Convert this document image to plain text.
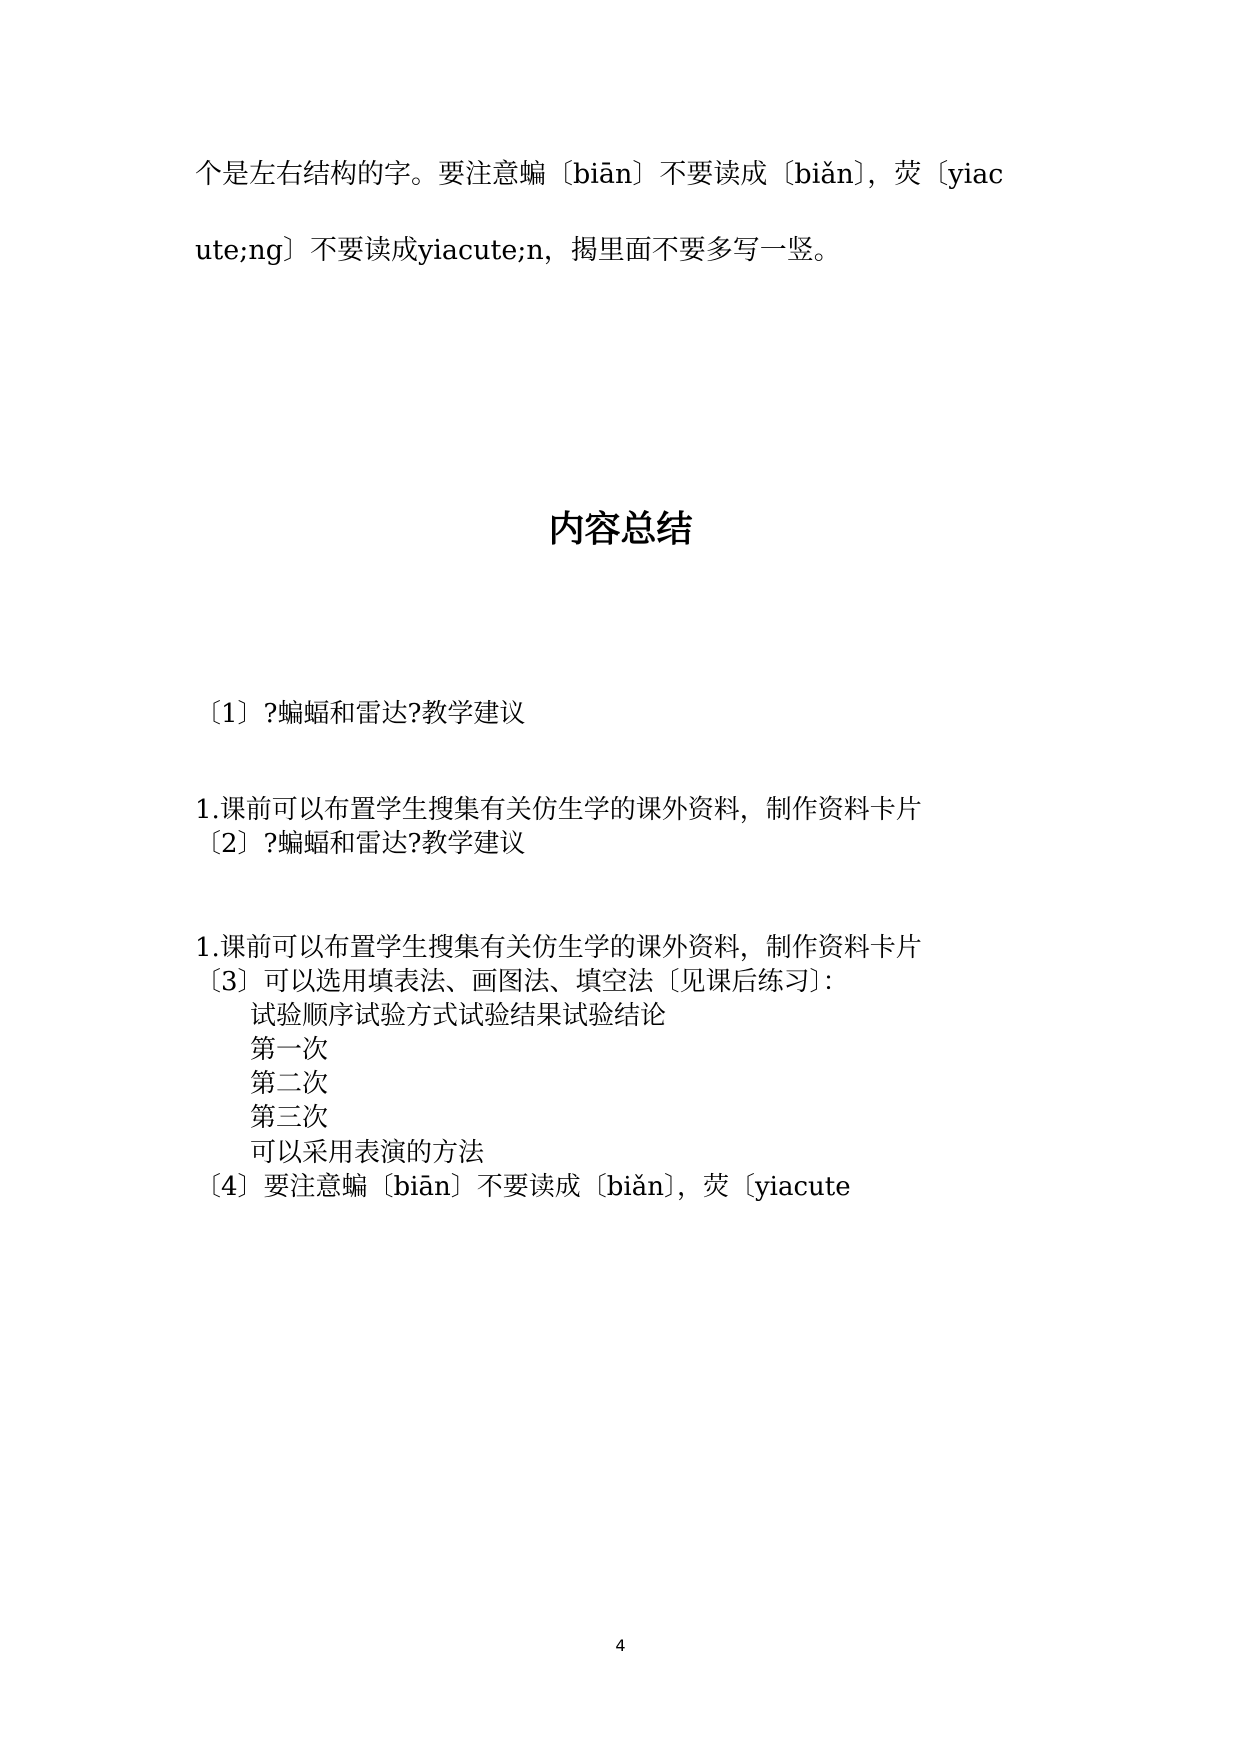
个是左右结构的字。要注意蝙〔biān〕不要读成〔biǎn〕，荧〔yiac
ute;ng〕不要读成yiacute;n，揭里面不要多写一竖。
内容总结
〔1〕?蝙蝠和雷达?教学建议
1.课前可以布置学生搜集有关仿生学的课外资料，制作资料卡片
〔2〕?蝙蝠和雷达?教学建议
1.课前可以布置学生搜集有关仿生学的课外资料，制作资料卡片
〔3〕可以选用填表法、画图法、填空法〔见课后练习〕：
试验顺序试验方式试验结果试验结论
第一次
第二次
第三次
可以采用表演的方法
〔4〕要注意蝙〔biān〕不要读成〔biǎn〕，荧〔yiacute
4
